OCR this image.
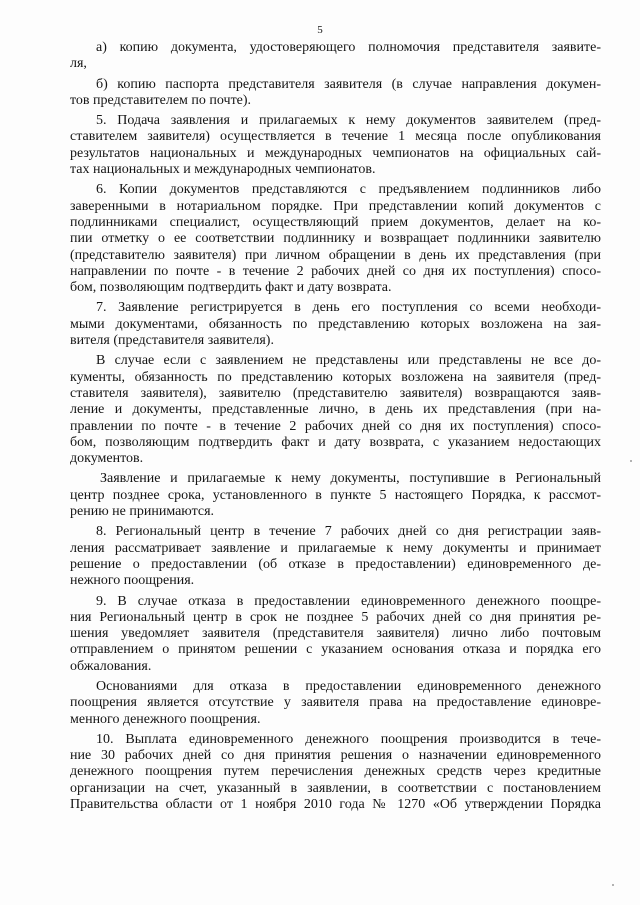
5
а) копию документа, удостоверяющего полномочия представителя заявите-
ля,
б) копию паспорта представителя заявителя (в случае направления докумен-
тов представителем по почте).
5. Подача заявления и прилагаемых к нему документов заявителем (пред-
ставителем заявителя) осуществляется в течение 1 месяца после опубликования
результатов национальных и международных чемпионатов на официальных сай-
тах национальных и международных чемпионатов.
6. Копии документов представляются с предъявлением подлинников либо
заверенными в нотариальном порядке. При представлении копий документов с
подлинниками специалист, осуществляющий прием документов, делает на ко-
пии отметку о ее соответствии подлиннику и возвращает подлинники заявителю
(представителю заявителя) при личном обращении в день их представления (при
направлении по почте - в течение 2 рабочих дней со дня их поступления) спосо-
бом, позволяющим подтвердить факт и дату возврата.
7. Заявление регистрируется в день его поступления со всеми необходи-
мыми документами, обязанность по представлению которых возложена на зая-
вителя (представителя заявителя).
В случае если с заявлением не представлены или представлены не все до-
кументы, обязанность по представлению которых возложена на заявителя (пред-
ставителя заявителя), заявителю (представителю заявителя) возвращаются заяв-
ление и документы, представленные лично, в день их представления (при на-
правлении по почте - в течение 2 рабочих дней со дня их поступления) спосо-
бом, позволяющим подтвердить факт и дату возврата, с указанием недостающих
документов.
Заявление и прилагаемые к нему документы, поступившие в Региональный
центр позднее срока, установленного в пункте 5 настоящего Порядка, к рассмот-
рению не принимаются.
8. Региональный центр в течение 7 рабочих дней со дня регистрации заяв-
ления рассматривает заявление и прилагаемые к нему документы и принимает
решение о предоставлении (об отказе в предоставлении) единовременного де-
нежного поощрения.
9. В случае отказа в предоставлении единовременного денежного поощре-
ния Региональный центр в срок не позднее 5 рабочих дней со дня принятия ре-
шения уведомляет заявителя (представителя заявителя) лично либо почтовым
отправлением о принятом решении с указанием основания отказа и порядка его
обжалования.
Основаниями для отказа в предоставлении единовременного денежного
поощрения является отсутствие у заявителя права на предоставление единовре-
менного денежного поощрения.
10. Выплата единовременного денежного поощрения производится в тече-
ние 30 рабочих дней со дня принятия решения о назначении единовременного
денежного поощрения путем перечисления денежных средств через кредитные
организации на счет, указанный в заявлении, в соответствии с постановлением
Правительства области от 1 ноября 2010 года № 1270 «Об утверждении Порядка
